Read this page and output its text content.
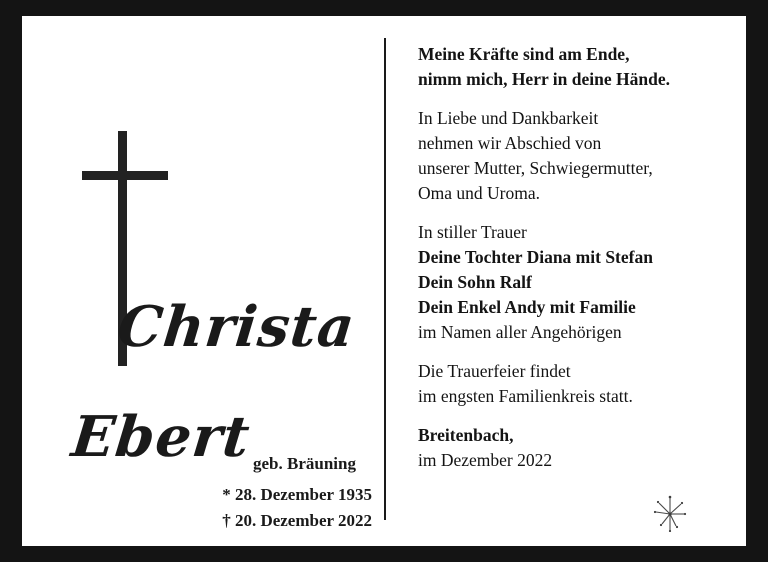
Christa
Ebert geb. Bräuning
* 28. Dezember 1935
† 20. Dezember 2022

Meine Kräfte sind am Ende,

nimm mich, Herr in deine Hände.

In Liebe und Dankbarkeit

nehmen wir Abschied von

unserer Mutter, Schwiegermutter,

Oma und Uroma.

In stiller Trauer

Deine Tochter Diana mit Stefan

Dein Sohn Ralf

Dein Enkel Andy mit Familie

im Namen aller Angehörigen

Die Trauerfeier findet

im engsten Familienkreis statt.

Breitenbach,

im Dezember 2022
